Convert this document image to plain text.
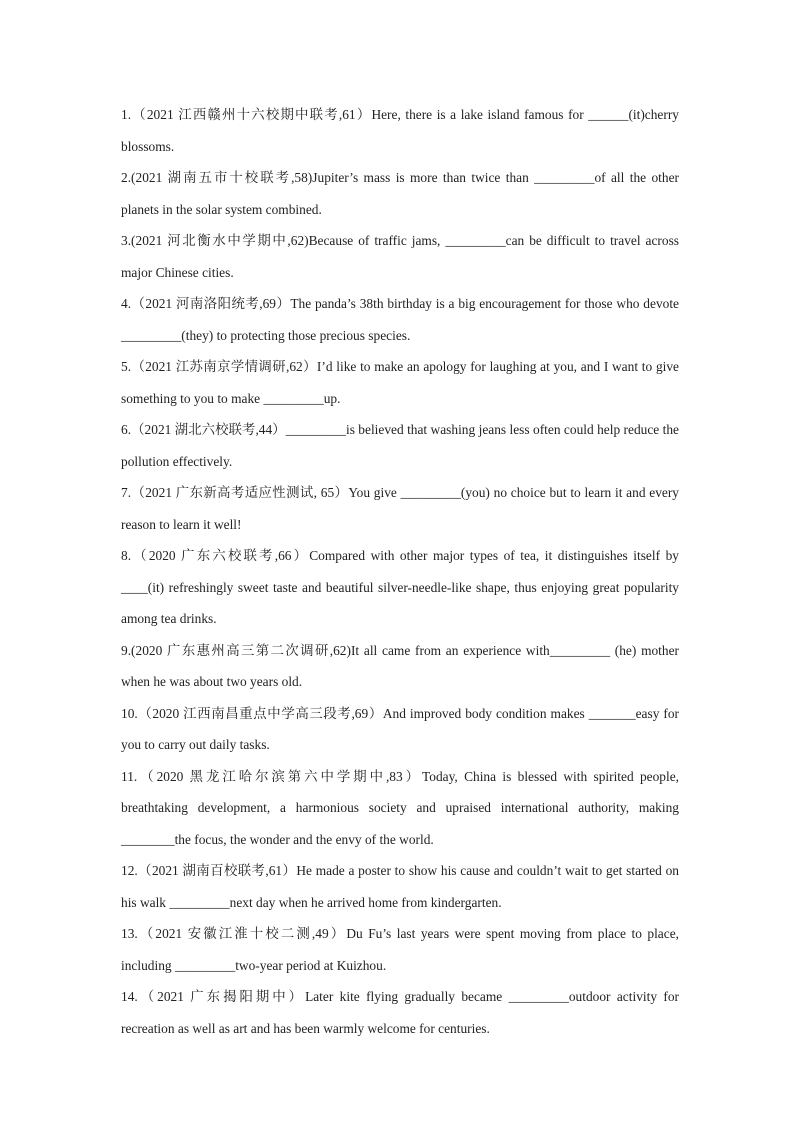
1.（2021 江西赣州十六校期中联考,61）Here, there is a lake island famous for ______(it)cherry blossoms.

2.(2021 湖南五市十校联考,58)Jupiter’s mass is more than twice than _________of all the other planets in the solar system combined.

3.(2021 河北衡水中学期中,62)Because of traffic jams, _________can be difficult to travel across major Chinese cities.

4.（2021 河南洛阳统考,69）The panda’s 38th birthday is a big encouragement for those who devote _________(they) to protecting those precious species.

5.（2021 江苏南京学情调研,62）I’d like to make an apology for laughing at you, and I want to give something to you to make _________up.

6.（2021 湖北六校联考,44）_________is believed that washing jeans less often could help reduce the pollution effectively.

7.（2021 广东新高考适应性测试, 65）You give _________(you) no choice but to learn it and every reason to learn it well!

8.（2020 广东六校联考,66）Compared with other major types of tea, it distinguishes itself by ____(it) refreshingly sweet taste and beautiful silver-needle-like shape, thus enjoying great popularity among tea drinks.

9.(2020 广东惠州高三第二次调研,62)It all came from an experience with_________ (he) mother when he was about two years old.

10.（2020 江西南昌重点中学高三段考,69）And improved body condition makes _______easy for you to carry out daily tasks.

11.（2020 黑龙江哈尔滨第六中学期中,83）Today, China is blessed with spirited people, breathtaking development, a harmonious society and upraised international authority, making ________the focus, the wonder and the envy of the world.

12.（2021 湖南百校联考,61）He made a poster to show his cause and couldn’t wait to get started on his walk _________next day when he arrived home from kindergarten.

13.（2021 安徽江淮十校二测,49）Du Fu’s last years were spent moving from place to place, including _________two-year period at Kuizhou.

14.（2021 广东揭阳期中）Later kite flying gradually became _________outdoor activity for recreation as well as art and has been warmly welcome for centuries.
